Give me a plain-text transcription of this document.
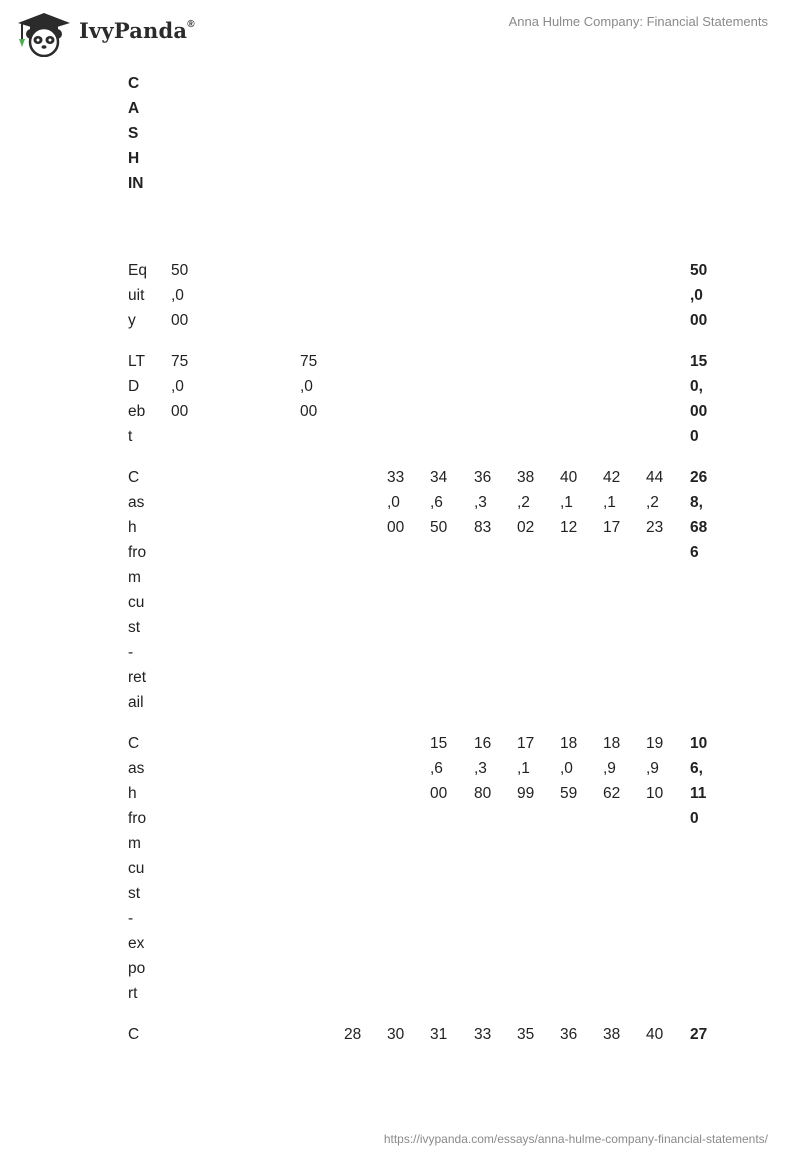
IvyPanda®	Anna Hulme Company: Financial Statements
C
A
S
H
IN
Eq
uit
y
50
,0
00
50
,0
00
LT
D
eb
t
75
,0
00
75
,0
00
15
0,
00
0
C
as
h
fro
m
cu
st
-
ret
ail
33
,0
00
34
,6
50
36
,3
83
38
,2
02
40
,1
12
42
,1
17
44
,2
23
26
8,
68
6
C
as
h
fro
m
cu
st
-
ex
po
rt
15
,6
00
16
,3
80
17
,1
99
18
,0
59
18
,9
62
19
,9
10
10
6,
11
0
C	28 30 31 33 35 36 38 40 27
https://ivypanda.com/essays/anna-hulme-company-financial-statements/
